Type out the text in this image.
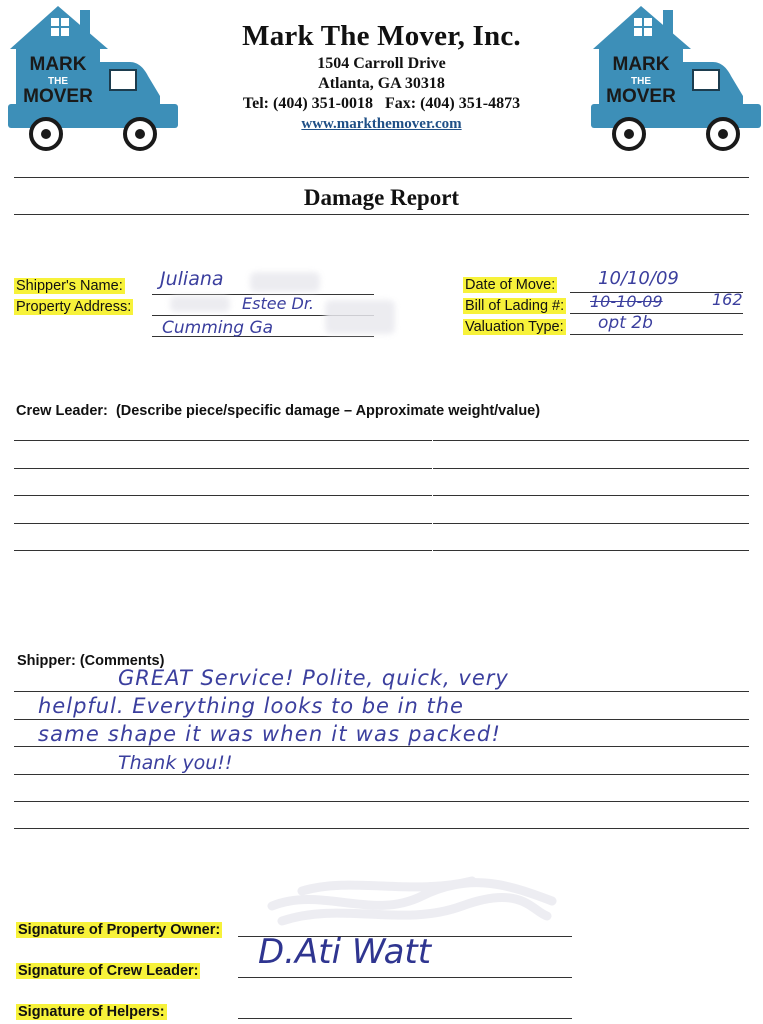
MARK
THE
MOVER
MARK
THE
MOVER
Mark The Mover, Inc.
1504 Carroll Drive
Atlanta, GA 30318
Tel: (404) 351-0018   Fax: (404) 351-4873
www.markthemover.com
Damage Report
Shipper's Name:
Property Address:
Juliana
Estee Dr.
Cumming Ga
Date of Move:
Bill of Lading #:
Valuation Type:
10/10/09
10-10-09	162
opt 2b
Crew Leader: (Describe piece/specific damage – Approximate weight/value)
Shipper: (Comments)
GREAT Service! Polite, quick, very
helpful. Everything looks to be in the
same shape it was when it was packed!
Thank you!!
Signature of Property Owner:
Signature of Crew Leader:
Signature of Helpers:
D.Ati Watt
